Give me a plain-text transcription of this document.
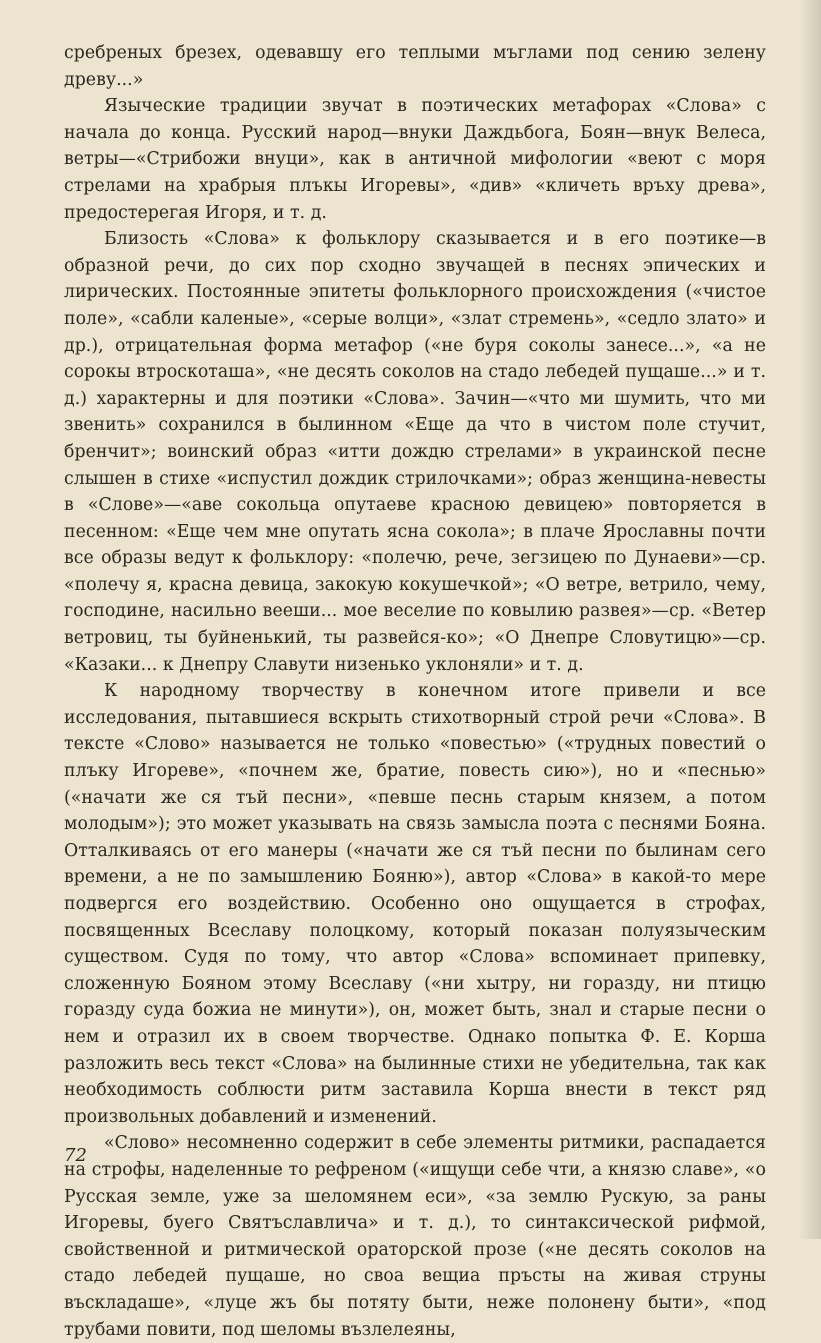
сребреных брезех, одевавшу его теплыми мъглами под сению зелену древу...»

Языческие традиции звучат в поэтических метафорах «Слова» с начала до конца. Русский народ—внуки Даждьбога, Боян—внук Велеса, ветры—«Стрибожи внуци», как в античной мифологии «веют с моря стрелами на храбрыя плъкы Игоревы», «див» «кличеть връху древа», предостерегая Игоря, и т. д.

Близость «Слова» к фольклору сказывается и в его поэтике—в образной речи, до сих пор сходно звучащей в песнях эпических и лирических. Постоянные эпитеты фольклорного происхождения («чистое поле», «сабли каленые», «серые волци», «злат стремень», «седло злато» и др.), отрицательная форма метафор («не буря соколы занесе...», «а не сорокы втроскоташа», «не десять соколов на стадо лебедей пущаше...» и т. д.) характерны и для поэтики «Слова». Зачин—«что ми шумить, что ми звенить» сохранился в былинном «Еще да что в чистом поле стучит, бренчит»; воинский образ «итти дождю стрелами» в украинской песне слышен в стихе «испустил дождик стрилочками»; образ женщина-невесты в «Слове»—«аве сокольца опутаеве красною девицею» повторяется в песенном: «Еще чем мне опутать ясна сокола»; в плаче Ярославны почти все образы ведут к фольклору: «полечю, рече, зегзицею по Дунаеви»—ср. «полечу я, красна девица, закокую кокушечкой»; «О ветре, ветрило, чему, господине, насильно вееши... мое веселие по ковылию развея»—ср. «Ветер ветровиц, ты буйненький, ты развейся-ко»; «О Днепре Словутицю»—ср. «Казаки... к Днепру Славути низенько уклоняли» и т. д.

К народному творчеству в конечном итоге привели и все исследования, пытавшиеся вскрыть стихотворный строй речи «Слова». В тексте «Слово» называется не только «повестью» («трудных повестий о плъку Игореве», «почнем же, братие, повесть сию»), но и «песнью» («начати же ся тъй песни», «певше песнь старым князем, а потом молодым»); это может указывать на связь замысла поэта с песнями Бояна. Отталкиваясь от его манеры («начати же ся тъй песни по былинам сего времени, а не по замышлению Бояню»), автор «Слова» в какой-то мере подвергся его воздействию. Особенно оно ощущается в строфах, посвященных Всеславу полоцкому, который показан полуязыческим существом. Судя по тому, что автор «Слова» вспоминает припевку, сложенную Бояном этому Всеславу («ни хытру, ни горазду, ни птицю горазду суда божиа не минути»), он, может быть, знал и старые песни о нем и отразил их в своем творчестве. Однако попытка Ф. Е. Корша разложить весь текст «Слова» на былинные стихи не убедительна, так как необходимость соблюсти ритм заставила Корша внести в текст ряд произвольных добавлений и изменений.

«Слово» несомненно содержит в себе элементы ритмики, распадается на строфы, наделенные то рефреном («ищущи себе чти, а князю славе», «о Русская земле, уже за шеломянем еси», «за землю Рускую, за раны Игоревы, буего Святъславлича» и т. д.), то синтаксической рифмой, свойственной и ритмической ораторской прозе («не десять соколов на стадо лебедей пущаше, но своа вещиа пръсты на живая струны въскладаше», «луце жъ бы потяту быти, неже полонену быти», «под трубами повити, под шеломы възлелеяны,

72
